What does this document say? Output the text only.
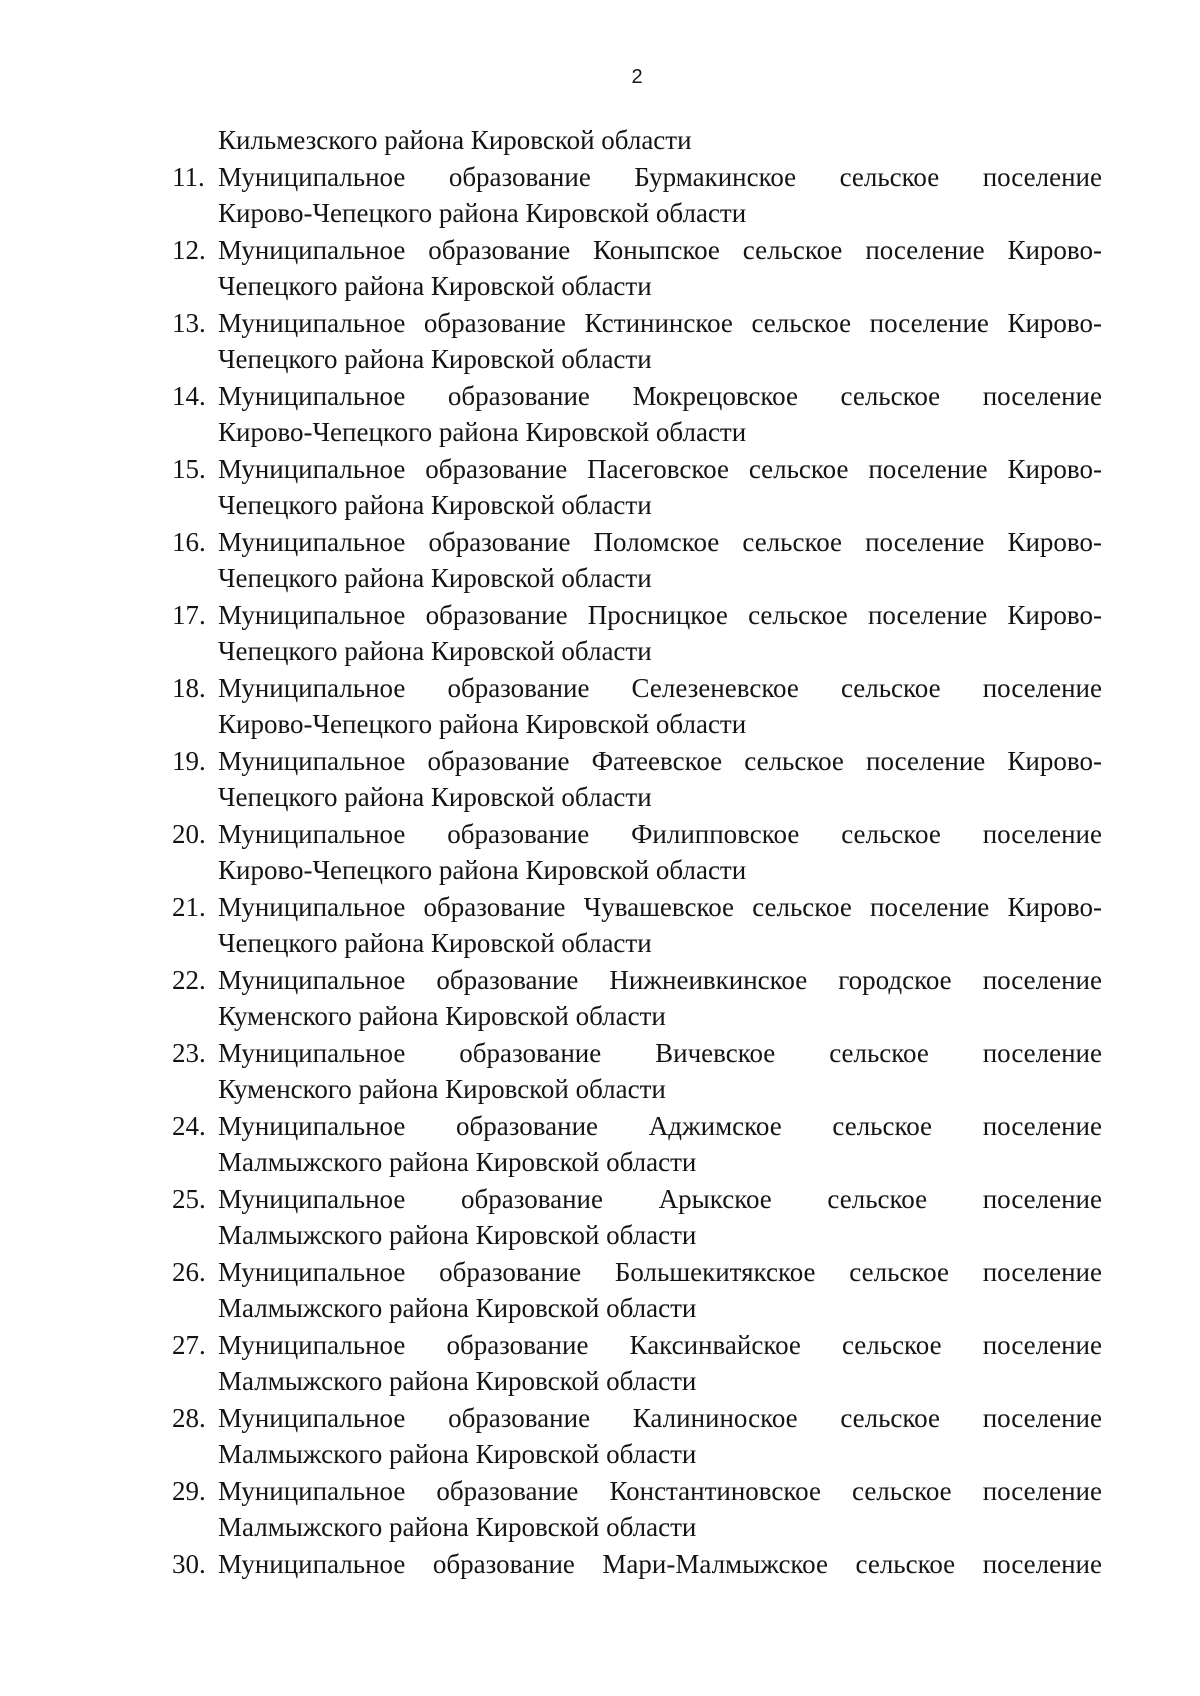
2
Кильмезского района Кировской области
11. Муниципальное образование Бурмакинское сельское поселение
Кирово-Чепецкого района Кировской области
12. Муниципальное образование Коныпское сельское поселение Кирово-
Чепецкого района Кировской области
13. Муниципальное образование Кстининское сельское поселение Кирово-
Чепецкого района Кировской области
14. Муниципальное образование Мокрецовское сельское поселение
Кирово-Чепецкого района Кировской области
15. Муниципальное образование Пасеговское сельское поселение Кирово-
Чепецкого района Кировской области
16. Муниципальное образование Поломское сельское поселение Кирово-
Чепецкого района Кировской области
17. Муниципальное образование Просницкое сельское поселение Кирово-
Чепецкого района Кировской области
18. Муниципальное образование Селезеневское сельское поселение
Кирово-Чепецкого района Кировской области
19. Муниципальное образование Фатеевское сельское поселение Кирово-
Чепецкого района Кировской области
20. Муниципальное образование Филипповское сельское поселение
Кирово-Чепецкого района Кировской области
21. Муниципальное образование Чувашевское сельское поселение Кирово-
Чепецкого района Кировской области
22. Муниципальное образование Нижнеивкинское городское поселение
Куменского района Кировской области
23. Муниципальное образование Вичевское сельское поселение
Куменского района Кировской области
24. Муниципальное образование Аджимское сельское поселение
Малмыжского района Кировской области
25. Муниципальное образование Арыкское сельское поселение
Малмыжского района Кировской области
26. Муниципальное образование Большекитякское сельское поселение
Малмыжского района Кировской области
27. Муниципальное образование Каксинвайское сельское поселение
Малмыжского района Кировской области
28. Муниципальное образование Калининоское сельское поселение
Малмыжского района Кировской области
29. Муниципальное образование Константиновское сельское поселение
Малмыжского района Кировской области
30. Муниципальное образование Мари-Малмыжское сельское поселение
